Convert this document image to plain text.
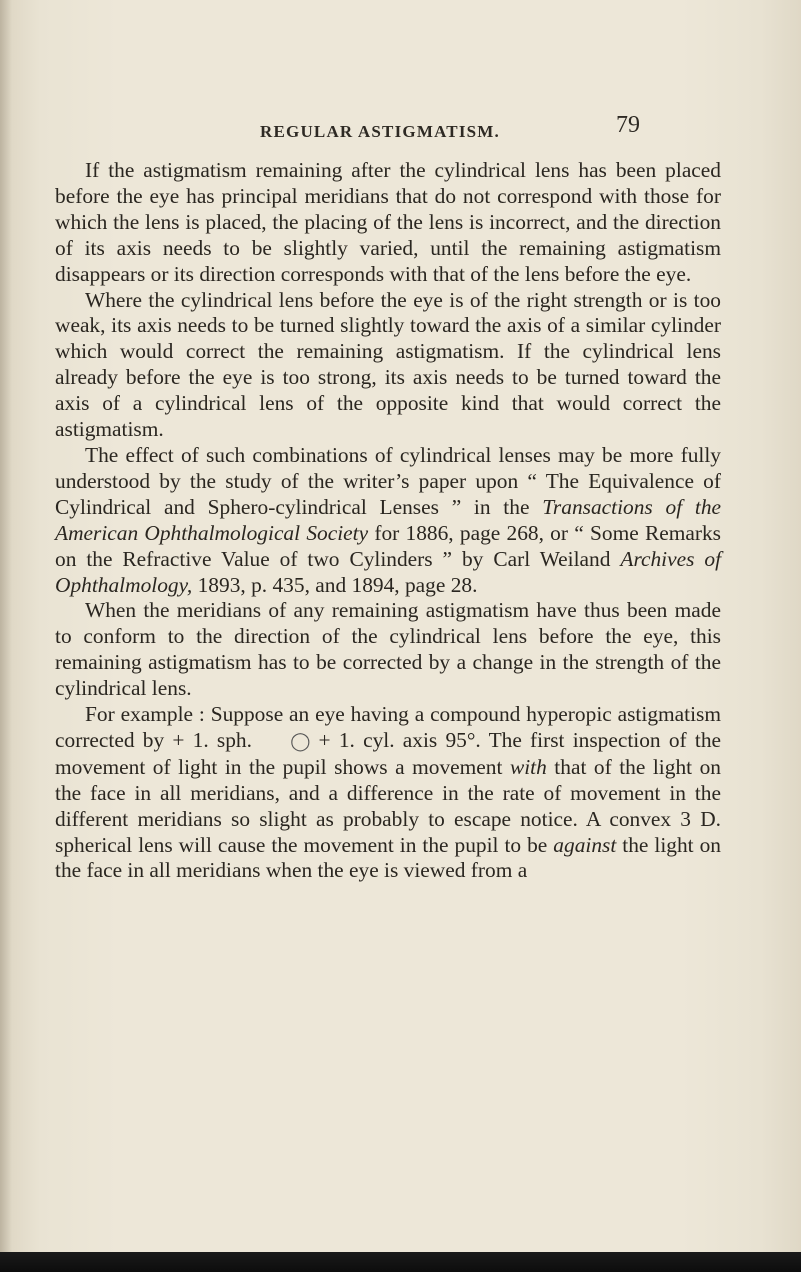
REGULAR ASTIGMATISM.	79

If the astigmatism remaining after the cylindrical lens has been placed before the eye has principal meridians that do not correspond with those for which the lens is placed, the placing of the lens is incorrect, and the direction of its axis needs to be slightly varied, until the remaining astigmatism disappears or its direction corresponds with that of the lens before the eye.

Where the cylindrical lens before the eye is of the right strength or is too weak, its axis needs to be turned slightly toward the axis of a similar cylinder which would correct the remaining astigmatism. If the cylindrical lens already before the eye is too strong, its axis needs to be turned toward the axis of a cylindrical lens of the opposite kind that would correct the astigmatism.

The effect of such combinations of cylindrical lenses may be more fully understood by the study of the writer’s paper upon “ The Equivalence of Cylindrical and Sphero-cylindrical Lenses ” in the Transactions of the American Ophthalmological Society for 1886, page 268, or “ Some Remarks on the Refractive Value of two Cylinders ” by Carl Weiland Archives of Ophthalmology, 1893, p. 435, and 1894, page 28.

When the meridians of any remaining astigmatism have thus been made to conform to the direction of the cylindrical lens before the eye, this remaining astigmatism has to be corrected by a change in the strength of the cylindrical lens.

For example : Suppose an eye having a compound hyperopic astigmatism corrected by + 1. sph. ◯ + 1. cyl. axis 95°. The first inspection of the movement of light in the pupil shows a movement with that of the light on the face in all meridians, and a difference in the rate of movement in the different meridians so slight as probably to escape notice. A convex 3 D. spherical lens will cause the movement in the pupil to be against the light on the face in all meridians when the eye is viewed from a
